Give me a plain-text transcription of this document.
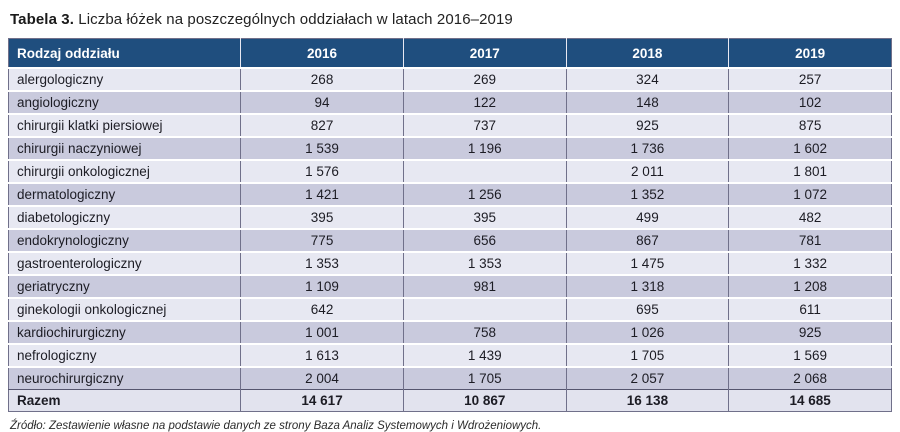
Tabela 3. Liczba łóżek na poszczególnych oddziałach w latach 2016–2019
Rodzaj oddziału	2016	2017	2018	2019
alergologiczny	268	269	324	257
angiologiczny	94	122	148	102
chirurgii klatki piersiowej	827	737	925	875
chirurgii naczyniowej	1 539	1 196	1 736	1 602
chirurgii onkologicznej	1 576		2 011	1 801
dermatologiczny	1 421	1 256	1 352	1 072
diabetologiczny	395	395	499	482
endokrynologiczny	775	656	867	781
gastroenterologiczny	1 353	1 353	1 475	1 332
geriatryczny	1 109	981	1 318	1 208
ginekologii onkologicznej	642		695	611
kardiochirurgiczny	1 001	758	1 026	925
nefrologiczny	1 613	1 439	1 705	1 569
neurochirurgiczny	2 004	1 705	2 057	2 068
Razem	14 617	10 867	16 138	14 685
Źródło: Zestawienie własne na podstawie danych ze strony Baza Analiz Systemowych i Wdrożeniowych.
